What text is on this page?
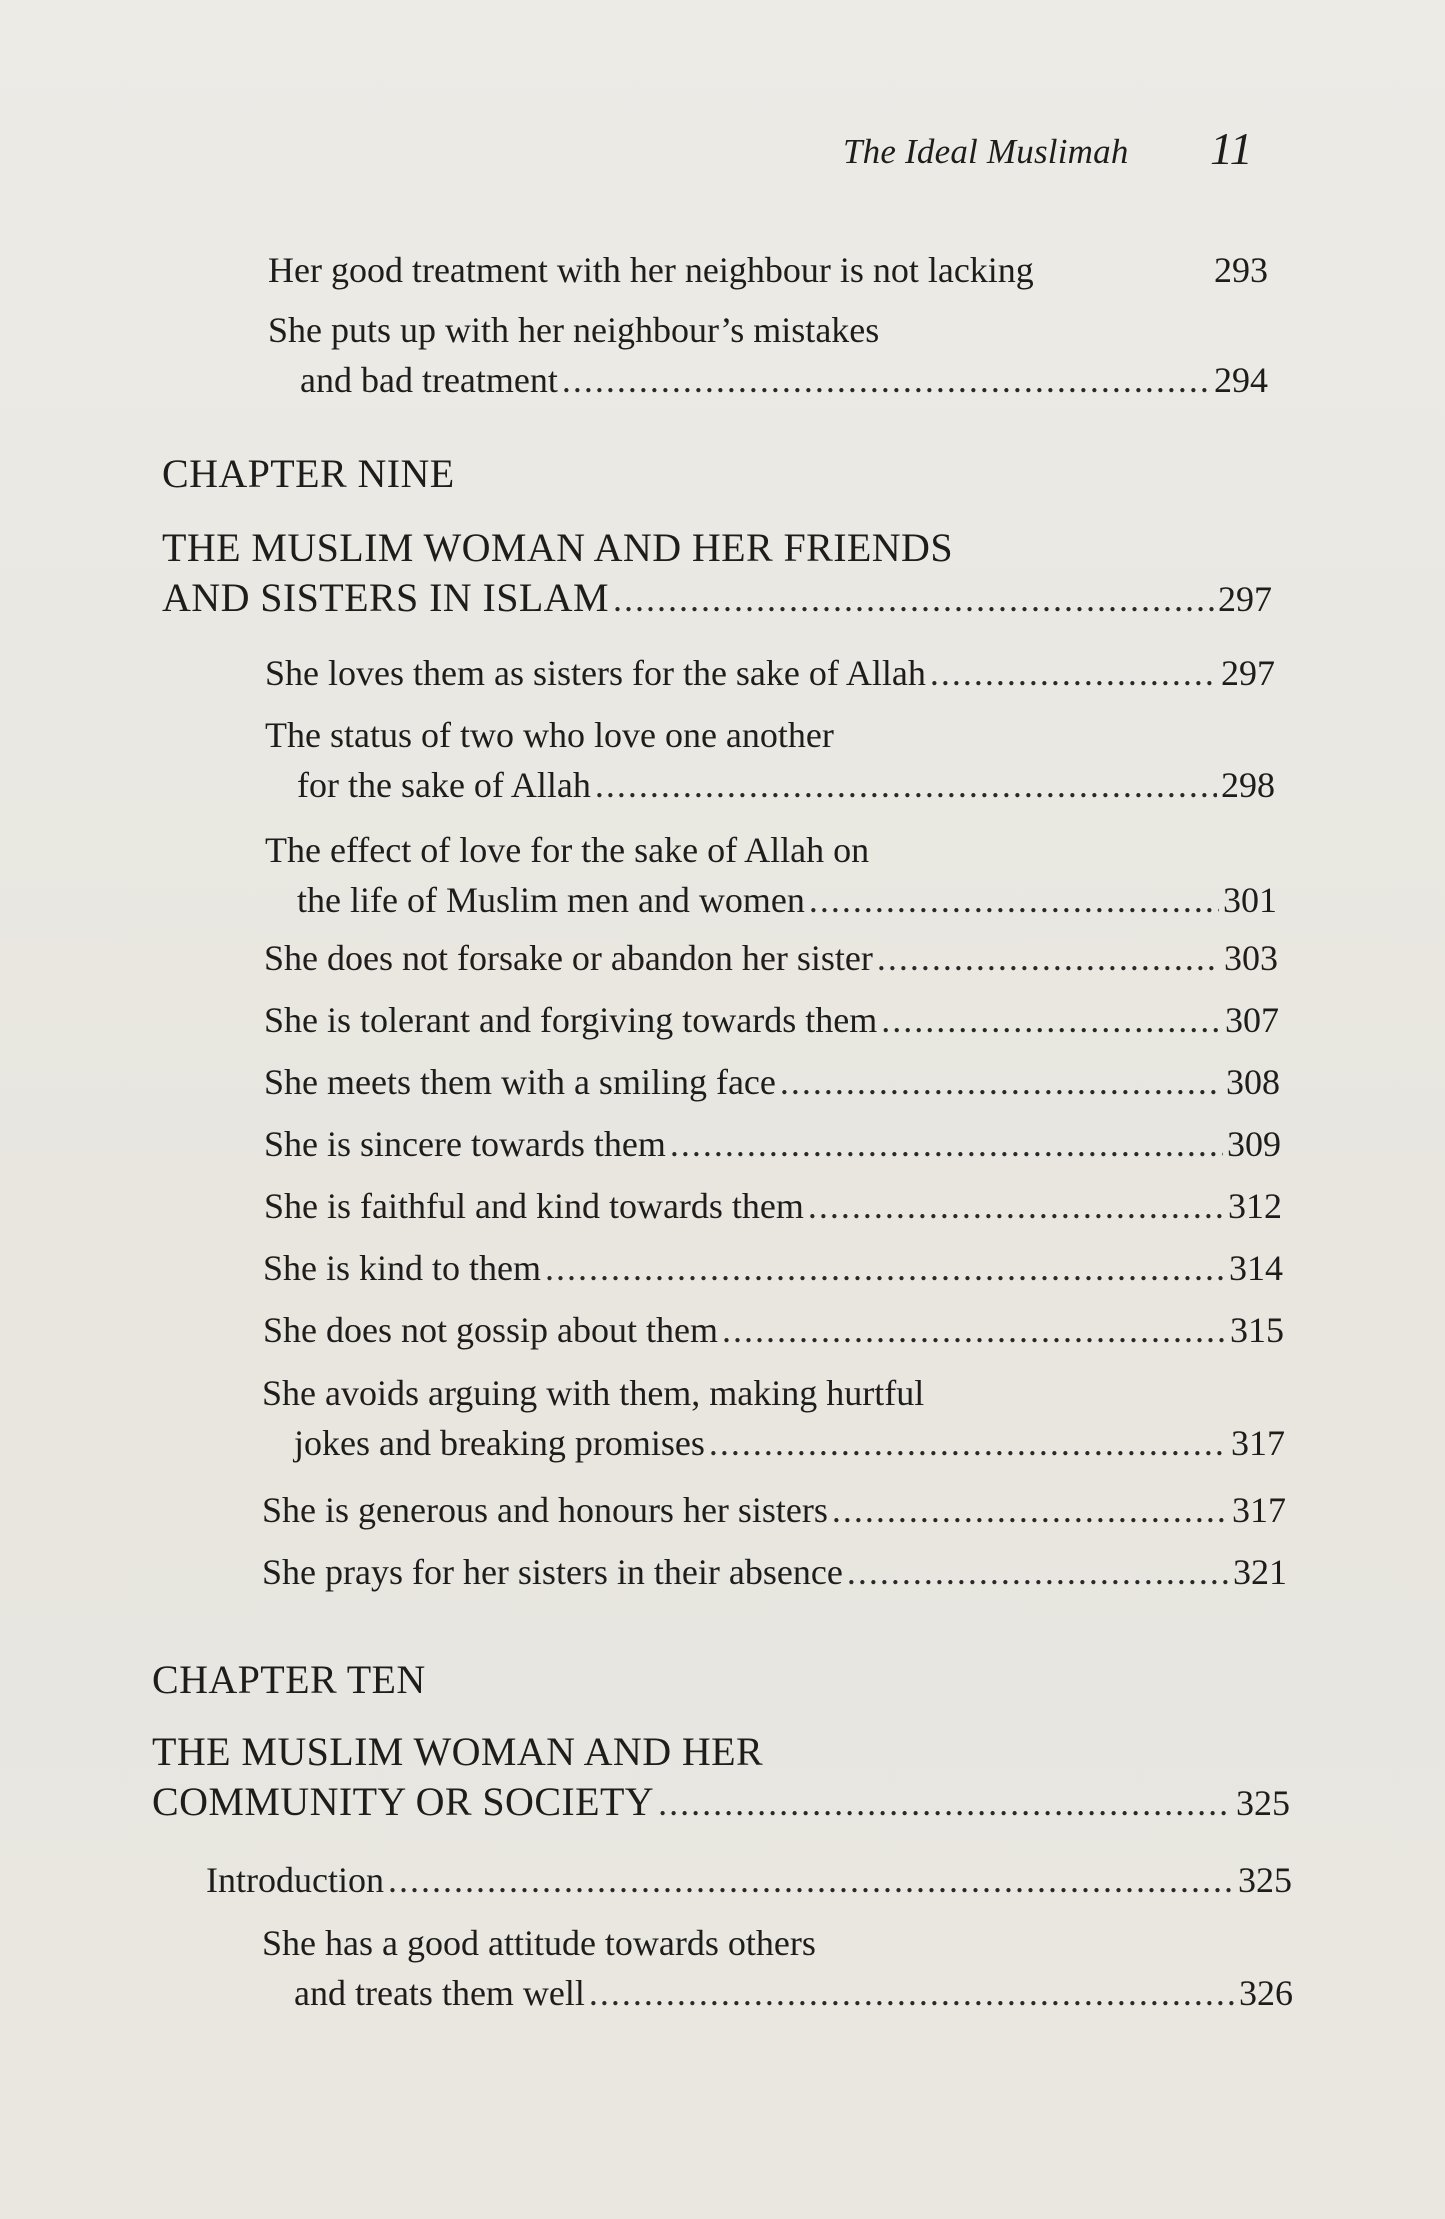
The Ideal Muslimah 11
Her good treatment with her neighbour is not lacking	293
She puts up with her neighbour’s mistakes
and bad treatment .....	294
CHAPTER NINE
THE MUSLIM WOMAN AND HER FRIENDS
AND SISTERS IN ISLAM .....	297
She loves them as sisters for the sake of Allah .....	297
The status of two who love one another
for the sake of Allah .....	298
The effect of love for the sake of Allah on
the life of Muslim men and women .....	301
She does not forsake or abandon her sister .....	303
She is tolerant and forgiving towards them .....	307
She meets them with a smiling face .....	308
She is sincere towards them .....	309
She is faithful and kind towards them .....	312
She is kind to them .....	314
She does not gossip about them .....	315
She avoids arguing with them, making hurtful
jokes and breaking promises .....	317
She is generous and honours her sisters .....	317
She prays for her sisters in their absence .....	321
CHAPTER TEN
THE MUSLIM WOMAN AND HER
COMMUNITY OR SOCIETY .....	325
Introduction .....	325
She has a good attitude towards others
and treats them well .....	326
